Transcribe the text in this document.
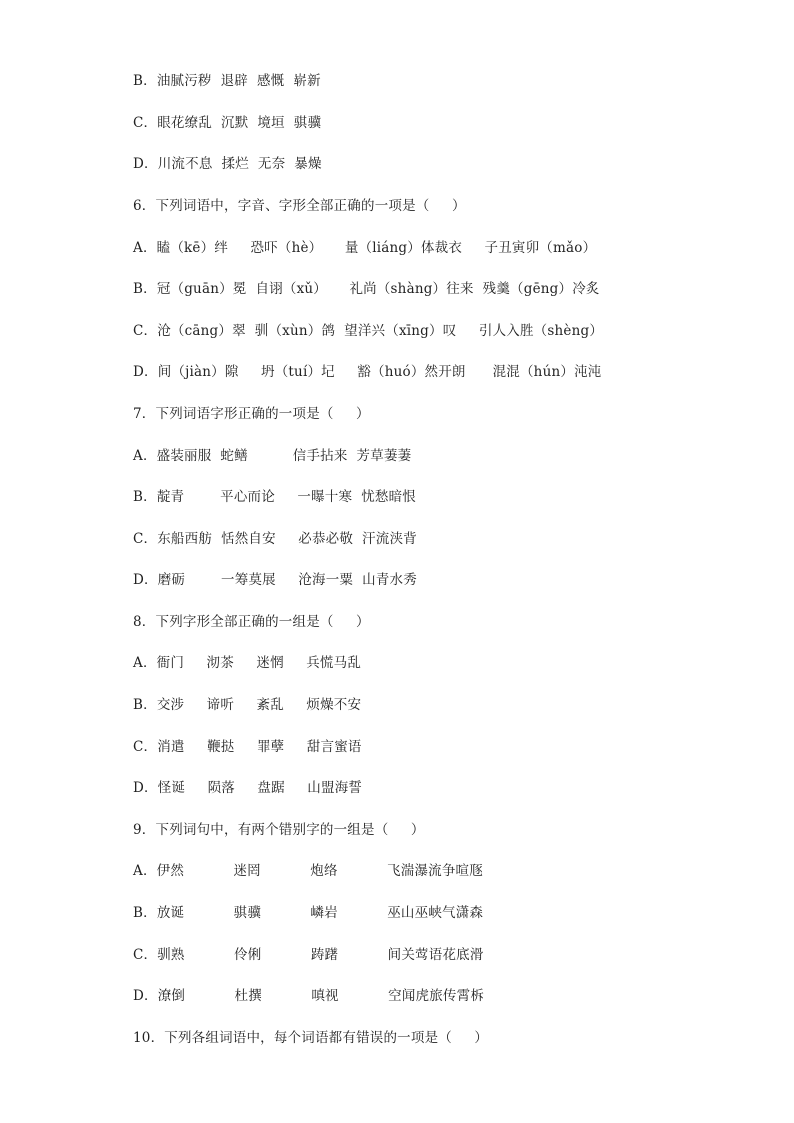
B．油腻污秽  退辟  感慨  崭新
C．眼花缭乱  沉默  境垣  骐骥
D．川流不息  揉烂  无奈  暴燥
6．下列词语中，字音、字形全部正确的一项是（     ）
A．瞌（kē）绊     恐吓（hè）     量（liáng）体裁衣     子丑寅卯（mǎo）
B．冠（guān）冕  自诩（xǔ）     礼尚（shàng）往来  残羹（gēng）冷炙
C．沧（cāng）翠  驯（xùn）鸽  望洋兴（xīng）叹     引人入胜（shèng）
D．间（jiàn）隙     坍（tuí）圮     豁（huó）然开朗      混混（hún）沌沌
7．下列词语字形正确的一项是（     ）
A．盛装丽服  蛇鳝          信手拈来  芳草萋萋
B．靛青        平心而论     一曝十寒  忧愁暗恨
C．东船西舫  恬然自安     必恭必敬  汗流浃背
D．磨砺        一筹莫展     沧海一粟  山青水秀
8．下列字形全部正确的一组是（     ）
A．衙门     沏茶     迷惘     兵慌马乱
B．交涉     谛听     紊乱     烦燥不安
C．消遣     鞭挞     罪孽     甜言蜜语
D．怪诞     陨落     盘踞     山盟海誓
9．下列词句中，有两个错别字的一组是（     ）
A．伊然           迷罔           炮络           飞湍瀑流争喧豗
B．放诞           骐骥           嶙岩           巫山巫峡气潇森
C．驯熟           伶俐           踌躇           间关莺语花底滑
D．潦倒           杜撰           嗔视           空闻虎旅传霄柝
10．下列各组词语中，每个词语都有错误的一项是（     ）
